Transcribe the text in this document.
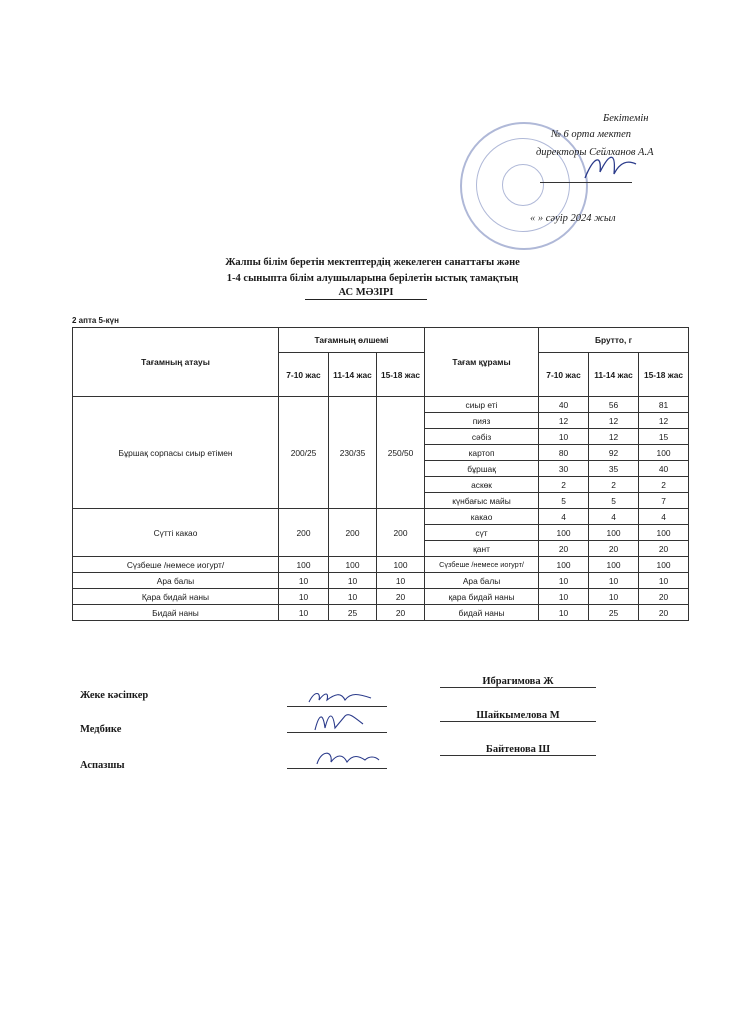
Бекітемін
№ 6 орта мектеп
директоры Сейлханов А.А
« » сәуір 2024 жыл
Жалпы білім беретін мектептердің жекелеген санаттағы және
1-4 сыныпта білім алушыларына берілетін ыстық тамақтың
АС МӘЗІРІ
2 апта 5-күн
Тағамның атауы	Тағамның өлшемі			Тағам құрамы	Брутто, г		
	7-10 жас	11-14 жас	15-18 жас		7-10 жас	11-14 жас	15-18 жас
Бұршақ сорпасы сиыр етімен	200/25	230/35	250/50	сиыр еті	40	56	81
				пияз	12	12	12
				сәбіз	10	12	15
				картоп	80	92	100
				бұршақ	30	35	40
				аскөк	2	2	2
				күнбағыс майы	5	5	7
Сүтті какао	200	200	200	какао	4	4	4
				сүт	100	100	100
				қант	20	20	20
Сүзбеше /немесе иогурт/	100	100	100	Сүзбеше /немесе иогурт/	100	100	100
Ара балы	10	10	10	Ара балы	10	10	10
Қара бидай наны	10	10	20	қара бидай наны	10	10	20
Бидай наны	10	25	20	бидай наны	10	25	20
Жеке кәсіпкер
Ибрагимова Ж
Медбике
Шайкымелова М
Аспазшы
Байтенова Ш
